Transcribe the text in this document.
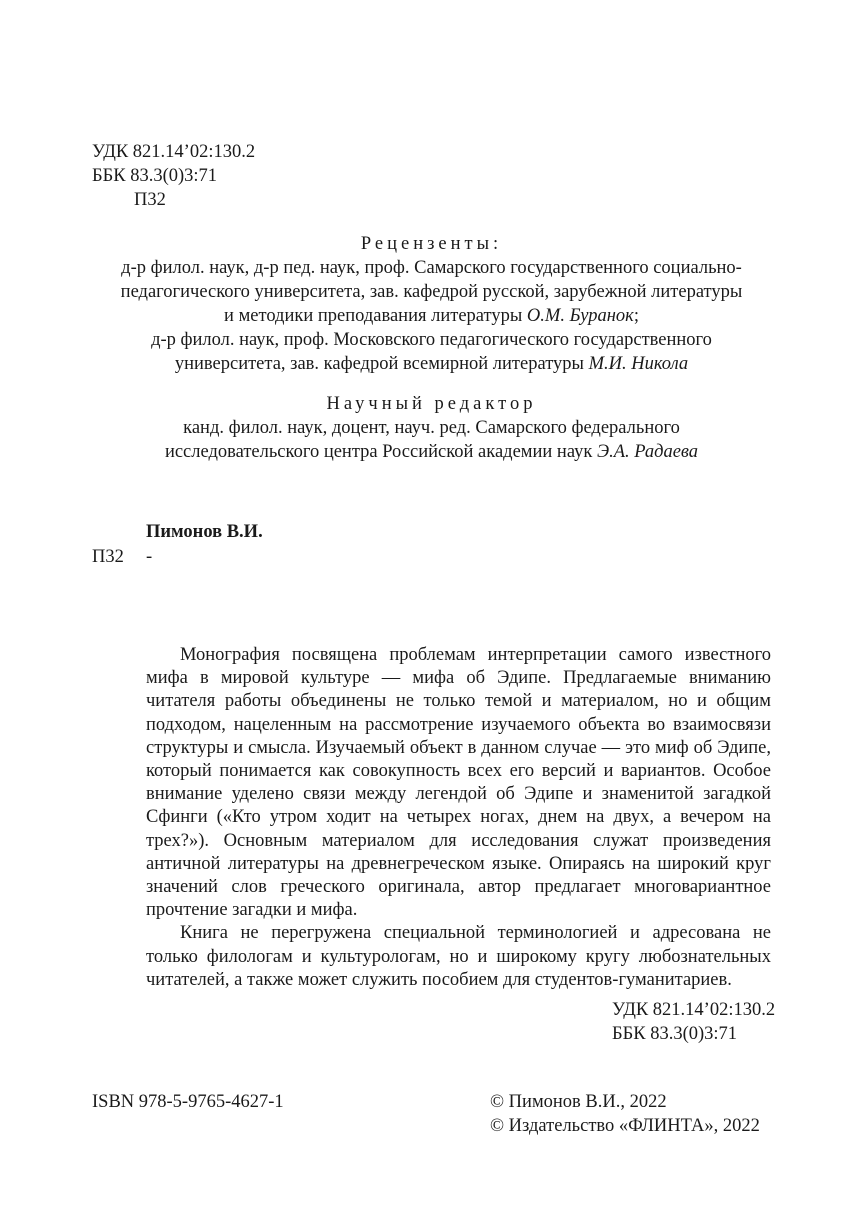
УДК 821.14’02:130.2
ББК 83.3(0)3:71
П32
Рецензенты:
д-р филол. наук, д-р пед. наук, проф. Самарского государственного социально-
педагогического университета, зав. кафедрой русской, зарубежной литературы
и методики преподавания литературы О.М. Буранок;
д-р филол. наук, проф. Московского педагогического государственного
университета, зав. кафедрой всемирной литературы М.И. Никола
Научный редактор
канд. филол. наук, доцент, науч. ред. Самарского федерального
исследовательского центра Российской академии наук Э.А. Радаева
Пимонов В.И.
П32 -

Монография посвящена проблемам интерпретации самого известного мифа в мировой культуре — мифа об Эдипе. Предлагаемые вниманию читателя работы объединены не только темой и материалом, но и общим подходом, нацеленным на рассмотрение изучаемого объекта во взаимосвязи структуры и смысла. Изучаемый объект в данном случае — это миф об Эдипе, который понимается как совокупность всех его версий и вариантов. Особое внимание уделено связи между легендой об Эдипе и знаменитой загадкой Сфинги («Кто утром ходит на четырех ногах, днем на двух, а вечером на трех?»). Основным материалом для исследования служат произведения античной литературы на древнегреческом языке. Опираясь на широкий круг значений слов греческого оригинала, автор предлагает многовариантное прочтение загадки и мифа.

Книга не перегружена специальной терминологией и адресована не только филологам и культурологам, но и широкому кругу любознательных читателей, а также может служить пособием для студентов-гуманитариев.

УДК 821.14’02:130.2
ББК 83.3(0)3:71
ISBN 978-5-9765-4627-1	© Пимонов В.И., 2022
© Издательство «ФЛИНТА», 2022
